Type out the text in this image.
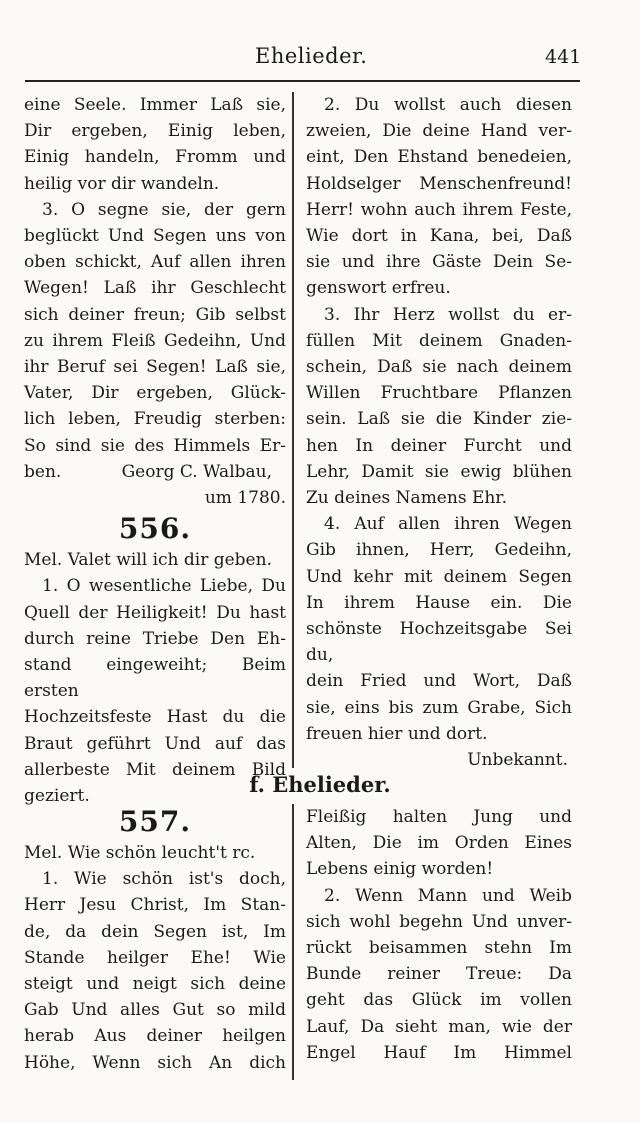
Ehelieder.	441

eine Seele. Immer Laß sie,

Dir ergeben, Einig leben,

Einig handeln, Fromm und

heilig vor dir wandeln.

3. O segne sie, der gern

beglückt Und Segen uns von

oben schickt, Auf allen ihren

Wegen! Laß ihr Geschlecht

sich deiner freun; Gib selbst

zu ihrem Fleiß Gedeihn, Und

ihr Beruf sei Segen! Laß sie,

Vater, Dir ergeben, Glück-

lich leben, Freudig sterben:

So sind sie des Himmels Er-

ben.	Georg C. Walbau,

um 1780.

556.

Mel. Valet will ich dir geben.

1. O wesentliche Liebe, Du

Quell der Heiligkeit! Du hast

durch reine Triebe Den Eh-

stand eingeweiht; Beim ersten

Hochzeitsfeste Hast du die

Braut geführt Und auf das

allerbeste Mit deinem Bild

geziert.

2. Du wollst auch diesen

zweien, Die deine Hand ver-

eint, Den Ehstand benedeien,

Holdselger Menschenfreund!

Herr! wohn auch ihrem Feste,

Wie dort in Kana, bei, Daß

sie und ihre Gäste Dein Se-

genswort erfreu.

3. Ihr Herz wollst du er-

füllen Mit deinem Gnaden-

schein, Daß sie nach deinem

Willen Fruchtbare Pflanzen

sein. Laß sie die Kinder zie-

hen In deiner Furcht und

Lehr, Damit sie ewig blühen

Zu deines Namens Ehr.

4. Auf allen ihren Wegen

Gib ihnen, Herr, Gedeihn,

Und kehr mit deinem Segen

In ihrem Hause ein. Die

schönste Hochzeitsgabe Sei du,

dein Fried und Wort, Daß

sie, eins bis zum Grabe, Sich

freuen hier und dort.

Unbekannt.

f. Ehelieder.

557.

Mel. Wie schön leucht't rc.

1. Wie schön ist's doch,

Herr Jesu Christ, Im Stan-

de, da dein Segen ist, Im

Stande heilger Ehe! Wie

steigt und neigt sich deine

Gab Und alles Gut so mild

herab Aus deiner heilgen

Höhe, Wenn sich An dich

Fleißig halten Jung und

Alten, Die im Orden Eines

Lebens einig worden!

2. Wenn Mann und Weib

sich wohl begehn Und unver-

rückt beisammen stehn Im

Bunde reiner Treue: Da

geht das Glück im vollen

Lauf, Da sieht man, wie der

Engel Hauf Im Himmel
